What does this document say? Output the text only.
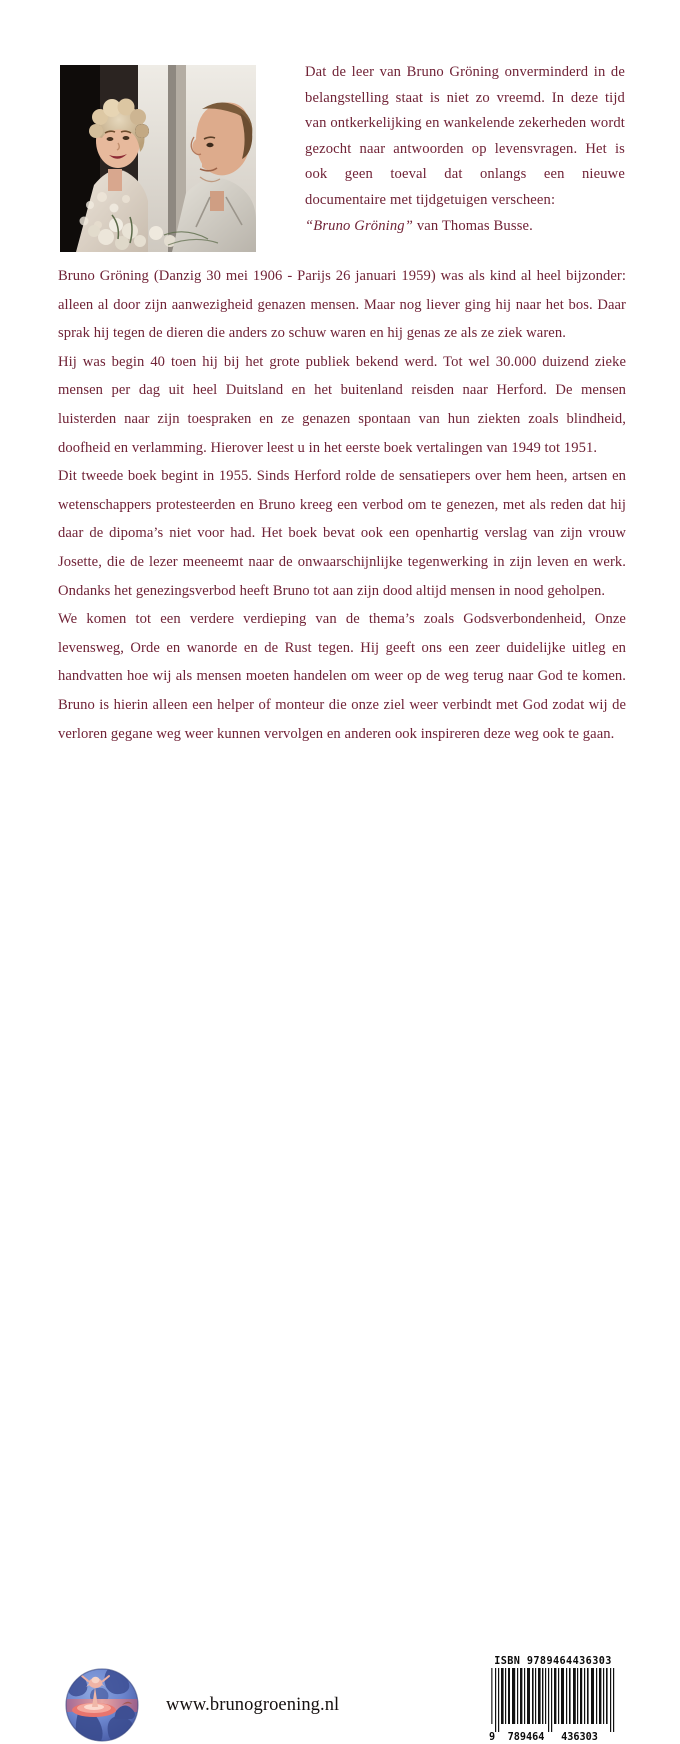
Dat de leer van Bruno Gröning onverminderd in de belangstelling staat is niet zo vreemd. In deze tijd van ontkerkelijking en wankelende zekerheden wordt gezocht naar antwoorden op levensvragen. Het is ook geen toeval dat onlangs een nieuwe documentaire met tijdgetuigen verscheen:
“Bruno Gröning” van Thomas Busse.

Bruno Gröning (Danzig 30 mei 1906 - Parijs 26 januari 1959) was als kind al heel bijzonder: alleen al door zijn aanwezigheid genazen mensen. Maar nog liever ging hij naar het bos. Daar sprak hij tegen de dieren die anders zo schuw waren en hij genas ze als ze ziek waren.

Hij was begin 40 toen hij bij het grote publiek bekend werd. Tot wel 30.000 duizend zieke mensen per dag uit heel Duitsland en het buitenland reisden naar Herford. De mensen luisterden naar zijn toespraken en ze genazen spontaan van hun ziekten zoals blindheid, doofheid en verlamming. Hierover leest u in het eerste boek vertalingen van 1949 tot 1951.

Dit tweede boek begint in 1955. Sinds Herford rolde de sensatiepers over hem heen, artsen en wetenschappers protesteerden en Bruno kreeg een verbod om te genezen, met als reden dat hij daar de dipoma’s niet voor had. Het boek bevat ook een openhartig verslag van zijn vrouw Josette, die de lezer meeneemt naar de onwaarschijnlijke tegenwerking in zijn leven en werk. Ondanks het genezingsverbod heeft Bruno tot aan zijn dood altijd mensen in nood geholpen.

We komen tot een verdere verdieping van de thema’s zoals Godsverbondenheid, Onze levensweg, Orde en wanorde en de Rust tegen. Hij geeft ons een zeer duidelijke uitleg en handvatten hoe wij als mensen moeten handelen om weer op de weg terug naar God te komen. Bruno is hierin alleen een helper of monteur die onze ziel weer verbindt met God zodat wij de verloren gegane weg weer kunnen vervolgen en anderen ook inspireren deze weg ook te gaan.

www.brunogroening.nl
ISBN 9789464436303
9	789464	436303
